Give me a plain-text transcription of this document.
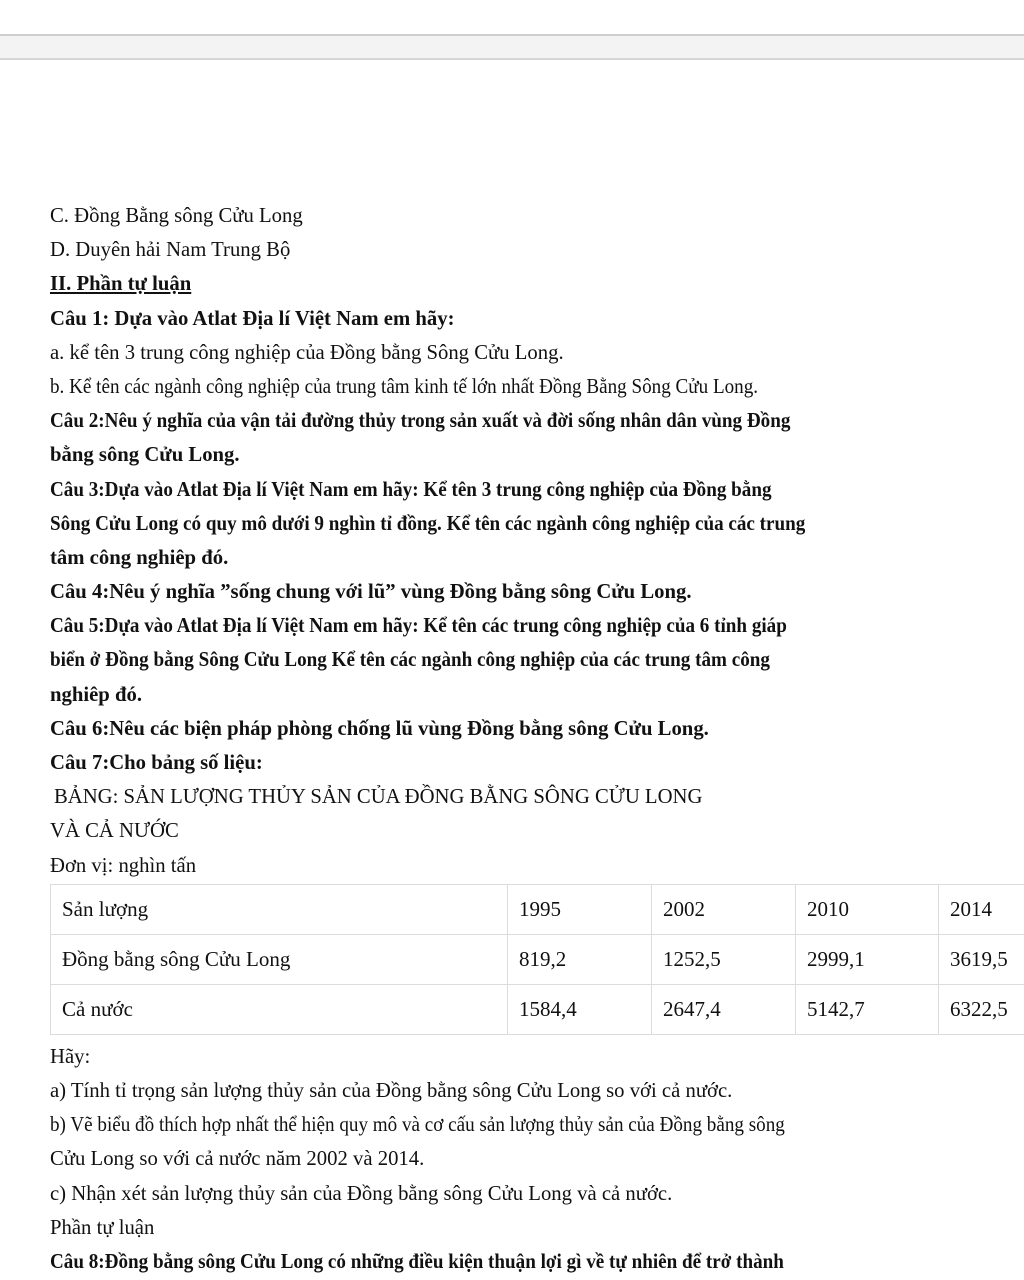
C. Đồng Bằng sông Cửu Long
D. Duyên hải Nam Trung Bộ
II. Phần tự luận
Câu 1: Dựa vào Atlat Địa lí Việt Nam em hãy:
a. kể tên 3 trung công nghiệp của Đồng bằng Sông Cửu Long.
b. Kể tên các ngành công nghiệp của trung tâm kinh tế lớn nhất Đồng Bằng Sông Cửu Long.
Câu 2:Nêu ý nghĩa của vận tải đường thủy trong sản xuất và đời sống nhân dân vùng Đồng
bằng sông Cửu Long.
Câu 3:Dựa vào Atlat Địa lí Việt Nam em hãy: Kể tên 3 trung công nghiệp của Đồng bằng
Sông Cửu Long có quy mô dưới 9 nghìn tỉ đồng. Kể tên các ngành công nghiệp của các trung
tâm công nghiêp đó.
Câu 4:Nêu ý nghĩa ”sống chung với lũ” vùng Đồng bằng sông Cửu Long.
Câu 5:Dựa vào Atlat Địa lí Việt Nam em hãy: Kể tên các trung công nghiệp của 6 tỉnh giáp
biển ở Đồng bằng Sông Cửu Long Kể tên các ngành công nghiệp của các trung tâm công
nghiêp đó.
Câu 6:Nêu các biện pháp phòng chống lũ vùng Đồng bằng sông Cửu Long.
Câu 7:Cho bảng số liệu:
BẢNG: SẢN LƯỢNG THỦY SẢN CỦA ĐỒNG BẰNG SÔNG CỬU LONG
VÀ CẢ NƯỚC
Đơn vị: nghìn tấn
Sản lượng	1995	2002	2010	2014
Đồng bằng sông Cửu Long	819,2	1252,5	2999,1	3619,5
Cả nước	1584,4	2647,4	5142,7	6322,5
Hãy:
a) Tính tỉ trọng sản lượng thủy sản của Đồng bằng sông Cửu Long so với cả nước.
b) Vẽ biểu đồ thích hợp nhất thể hiện quy mô và cơ cấu sản lượng thủy sản của Đồng bằng sông
Cửu Long so với cả nước năm 2002 và 2014.
c) Nhận xét sản lượng thủy sản của Đồng bằng sông Cửu Long và cả nước.
Phần tự luận
Câu 8:Đồng bằng sông Cửu Long có những điều kiện thuận lợi gì về tự nhiên để trở thành
